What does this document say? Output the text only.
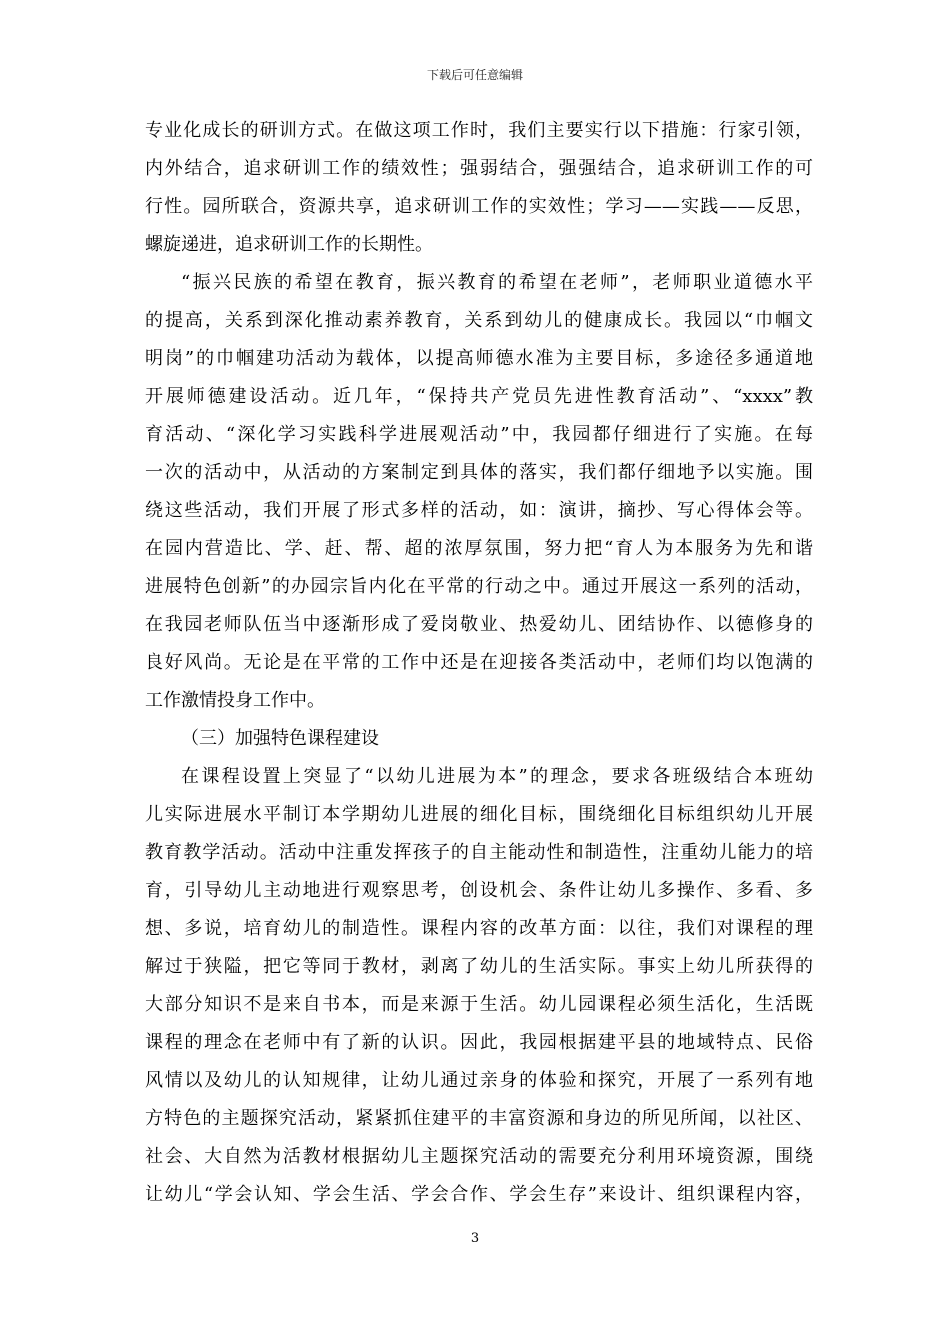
下载后可任意编辑
专业化成长的研训方式。在做这项工作时，我们主要实行以下措施：行家引领，
内外结合，追求研训工作的绩效性；强弱结合，强强结合，追求研训工作的可
行性。园所联合，资源共享，追求研训工作的实效性；学习——实践——反思，
螺旋递进，追求研训工作的长期性。
“振兴民族的希望在教育，振兴教育的希望在老师”，老师职业道德水平
的提高，关系到深化推动素养教育，关系到幼儿的健康成长。我园以“巾帼文
明岗”的巾帼建功活动为载体，以提高师德水准为主要目标，多途径多通道地
开展师德建设活动。近几年，“保持共产党员先进性教育活动”、“xxxx”教
育活动、“深化学习实践科学进展观活动”中，我园都仔细进行了实施。在每
一次的活动中，从活动的方案制定到具体的落实，我们都仔细地予以实施。围
绕这些活动，我们开展了形式多样的活动，如：演讲，摘抄、写心得体会等。
在园内营造比、学、赶、帮、超的浓厚氛围，努力把“育人为本服务为先和谐
进展特色创新”的办园宗旨内化在平常的行动之中。通过开展这一系列的活动，
在我园老师队伍当中逐渐形成了爱岗敬业、热爱幼儿、团结协作、以德修身的
良好风尚。无论是在平常的工作中还是在迎接各类活动中，老师们均以饱满的
工作激情投身工作中。
（三）加强特色课程建设
在课程设置上突显了“以幼儿进展为本”的理念，要求各班级结合本班幼
儿实际进展水平制订本学期幼儿进展的细化目标，围绕细化目标组织幼儿开展
教育教学活动。活动中注重发挥孩子的自主能动性和制造性，注重幼儿能力的培
育，引导幼儿主动地进行观察思考，创设机会、条件让幼儿多操作、多看、多
想、多说，培育幼儿的制造性。课程内容的改革方面：以往，我们对课程的理
解过于狭隘，把它等同于教材，剥离了幼儿的生活实际。事实上幼儿所获得的
大部分知识不是来自书本，而是来源于生活。幼儿园课程必须生活化，生活既
课程的理念在老师中有了新的认识。因此，我园根据建平县的地域特点、民俗
风情以及幼儿的认知规律，让幼儿通过亲身的体验和探究，开展了一系列有地
方特色的主题探究活动，紧紧抓住建平的丰富资源和身边的所见所闻，以社区、
社会、大自然为活教材根据幼儿主题探究活动的需要充分利用环境资源，围绕
让幼儿“学会认知、学会生活、学会合作、学会生存”来设计、组织课程内容，
3
